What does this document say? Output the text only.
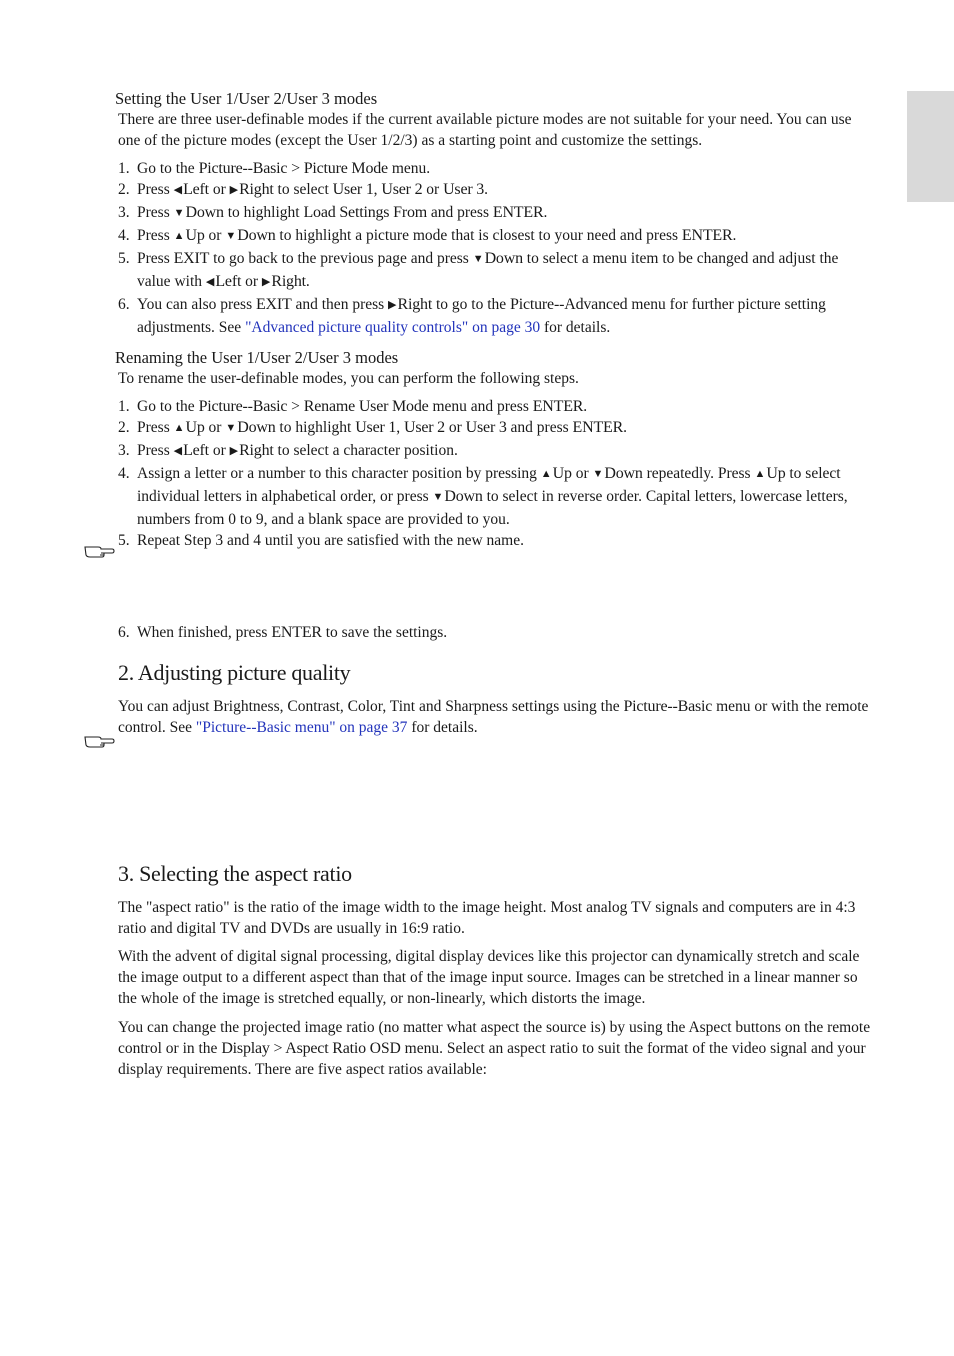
Setting the User 1/User 2/User 3 modes

There are three user-definable modes if the current available picture modes are not suitable for your need. You can use one of the picture modes (except the User 1/2/3) as a starting point and customize the settings.

1. Go to the Picture--Basic > Picture Mode menu.
2. Press ◀Left or ▶Right to select User 1, User 2 or User 3.
3. Press ▼Down to highlight Load Settings From and press ENTER.
4. Press ▲Up or ▼Down to highlight a picture mode that is closest to your need and press ENTER.
5. Press EXIT to go back to the previous page and press ▼Down to select a menu item to be changed and adjust the value with ◀Left or ▶Right.
6. You can also press EXIT and then press ▶Right to go to the Picture--Advanced menu for further picture setting adjustments. See "Advanced picture quality controls" on page 30 for details.
Renaming the User 1/User 2/User 3 modes

To rename the user-definable modes, you can perform the following steps.

1. Go to the Picture--Basic > Rename User Mode menu and press ENTER.
2. Press ▲Up or ▼Down to highlight User 1, User 2 or User 3 and press ENTER.
3. Press ◀Left or ▶Right to select a character position.
4. Assign a letter or a number to this character position by pressing ▲Up or ▼Down repeatedly. Press ▲Up to select individual letters in alphabetical order, or press ▼Down to select in reverse order. Capital letters, lowercase letters, numbers from 0 to 9, and a blank space are provided to you.
5. Repeat Step 3 and 4 until you are satisfied with the new name.
6. When finished, press ENTER to save the settings.
2. Adjusting picture quality

You can adjust Brightness, Contrast, Color, Tint and Sharpness settings using the Picture--Basic menu or with the remote control. See "Picture--Basic menu" on page 37 for details.

3. Selecting the aspect ratio

The "aspect ratio" is the ratio of the image width to the image height. Most analog TV signals and computers are in 4:3 ratio and digital TV and DVDs are usually in 16:9 ratio.

With the advent of digital signal processing, digital display devices like this projector can dynamically stretch and scale the image output to a different aspect than that of the image input source. Images can be stretched in a linear manner so the whole of the image is stretched equally, or non-linearly, which distorts the image.

You can change the projected image ratio (no matter what aspect the source is) by using the Aspect buttons on the remote control or in the Display > Aspect Ratio OSD menu. Select an aspect ratio to suit the format of the video signal and your display requirements. There are five aspect ratios available:
